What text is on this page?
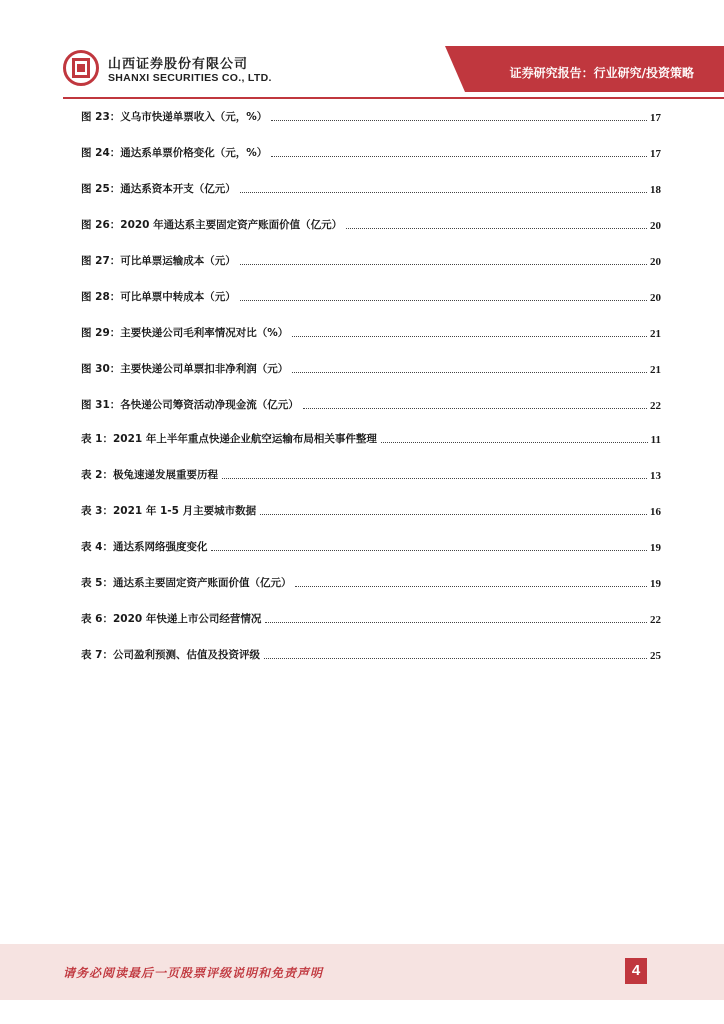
山西证券股份有限公司
SHANXI SECURITIES CO., LTD.	证券研究报告：行业研究/投资策略
图 23：义乌市快递单票收入（元，%）	17
图 24：通达系单票价格变化（元，%）	17
图 25：通达系资本开支（亿元）	18
图 26：2020 年通达系主要固定资产账面价值（亿元）	20
图 27：可比单票运输成本（元）	20
图 28：可比单票中转成本（元）	20
图 29：主要快递公司毛利率情况对比（%）	21
图 30：主要快递公司单票扣非净利润（元）	21
图 31：各快递公司筹资活动净现金流（亿元）	22
表 1：2021 年上半年重点快递企业航空运输布局相关事件整理	11
表 2：极兔速递发展重要历程	13
表 3：2021 年 1-5 月主要城市数据	16
表 4：通达系网络强度变化	19
表 5：通达系主要固定资产账面价值（亿元）	19
表 6：2020 年快递上市公司经营情况	22
表 7：公司盈利预测、估值及投资评级	25
请务必阅读最后一页股票评级说明和免责声明	4
